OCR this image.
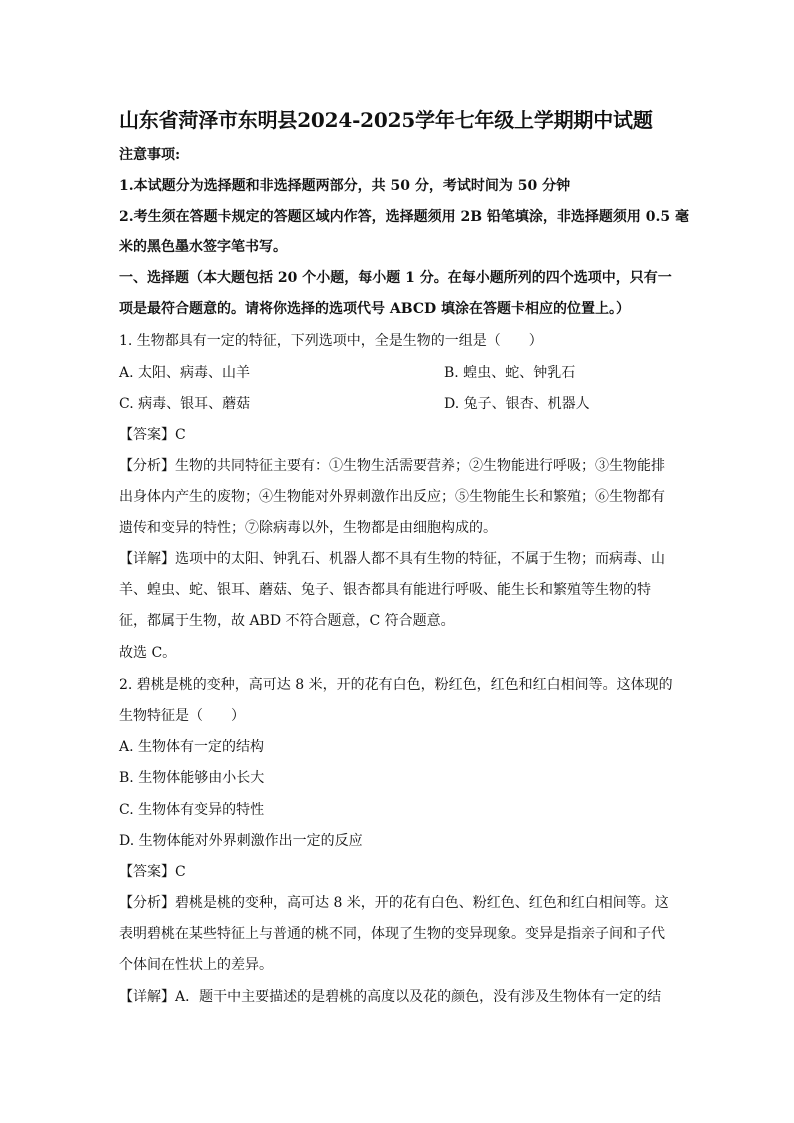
山东省菏泽市东明县2024-2025学年七年级上学期期中试题
注意事项:
1.本试题分为选择题和非选择题两部分，共 50 分，考试时间为 50 分钟
2.考生须在答题卡规定的答题区域内作答，选择题须用 2B 铅笔填涂，非选择题须用 0.5 毫
米的黑色墨水签字笔书写。
一、选择题（本大题包括 20 个小题，每小题 1 分。在每小题所列的四个选项中，只有一
项是最符合题意的。请将你选择的选项代号 ABCD 填涂在答题卡相应的位置上。）
1. 生物都具有一定的特征，下列选项中，全是生物的一组是（　　）
A. 太阳、病毒、山羊	B. 蝗虫、蛇、钟乳石
C. 病毒、银耳、蘑菇	D. 兔子、银杏、机器人
【答案】C
【分析】生物的共同特征主要有：①生物生活需要营养；②生物能进行呼吸；③生物能排
出身体内产生的废物；④生物能对外界刺激作出反应；⑤生物能生长和繁殖；⑥生物都有
遗传和变异的特性；⑦除病毒以外，生物都是由细胞构成的。
【详解】选项中的太阳、钟乳石、机器人都不具有生物的特征，不属于生物；而病毒、山
羊、蝗虫、蛇、银耳、蘑菇、兔子、银杏都具有能进行呼吸、能生长和繁殖等生物的特
征，都属于生物，故 ABD 不符合题意，C 符合题意。
故选 C。
2. 碧桃是桃的变种，高可达 8 米，开的花有白色，粉红色，红色和红白相间等。这体现的
生物特征是（　　）
A. 生物体有一定的结构
B. 生物体能够由小长大
C. 生物体有变异的特性
D. 生物体能对外界刺激作出一定的反应
【答案】C
【分析】碧桃是桃的变种，高可达 8 米，开的花有白色、粉红色、红色和红白相间等。这
表明碧桃在某些特征上与普通的桃不同，体现了生物的变异现象。变异是指亲子间和子代
个体间在性状上的差异。
【详解】A．题干中主要描述的是碧桃的高度以及花的颜色，没有涉及生物体有一定的结
